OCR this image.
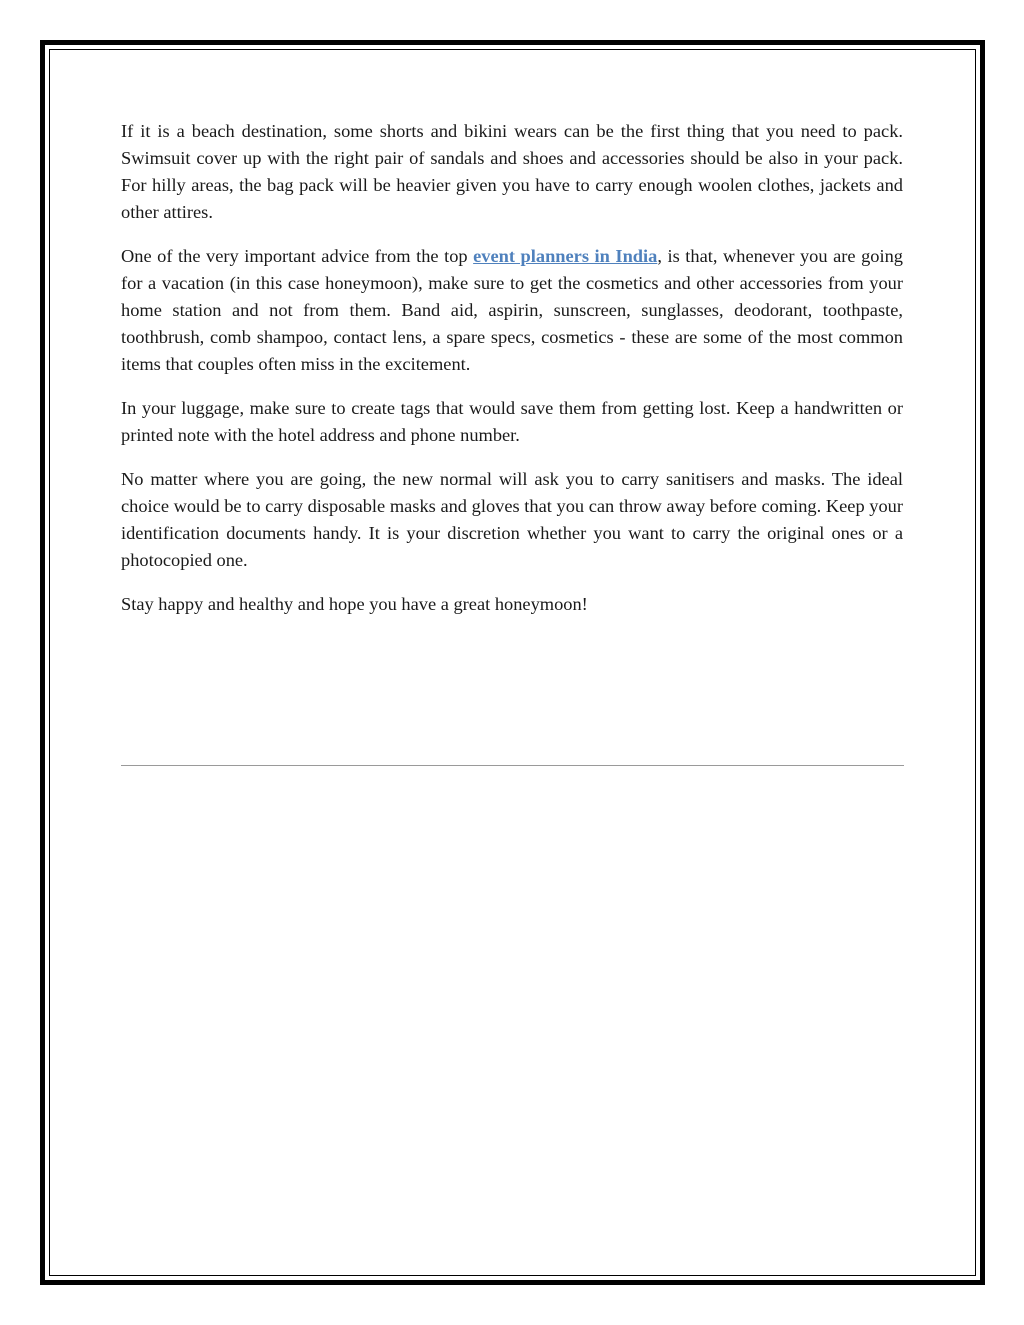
If it is a beach destination, some shorts and bikini wears can be the first thing that you need to pack. Swimsuit cover up with the right pair of sandals and shoes and accessories should be also in your pack. For hilly areas, the bag pack will be heavier given you have to carry enough woolen clothes, jackets and other attires.

One of the very important advice from the top event planners in India, is that, whenever you are going for a vacation (in this case honeymoon), make sure to get the cosmetics and other accessories from your home station and not from them. Band aid, aspirin, sunscreen, sunglasses, deodorant, toothpaste, toothbrush, comb shampoo, contact lens, a spare specs, cosmetics - these are some of the most common items that couples often miss in the excitement.

In your luggage, make sure to create tags that would save them from getting lost. Keep a handwritten or printed note with the hotel address and phone number.

No matter where you are going, the new normal will ask you to carry sanitisers and masks. The ideal choice would be to carry disposable masks and gloves that you can throw away before coming. Keep your identification documents handy. It is your discretion whether you want to carry the original ones or a photocopied one.

Stay happy and healthy and hope you have a great honeymoon!
